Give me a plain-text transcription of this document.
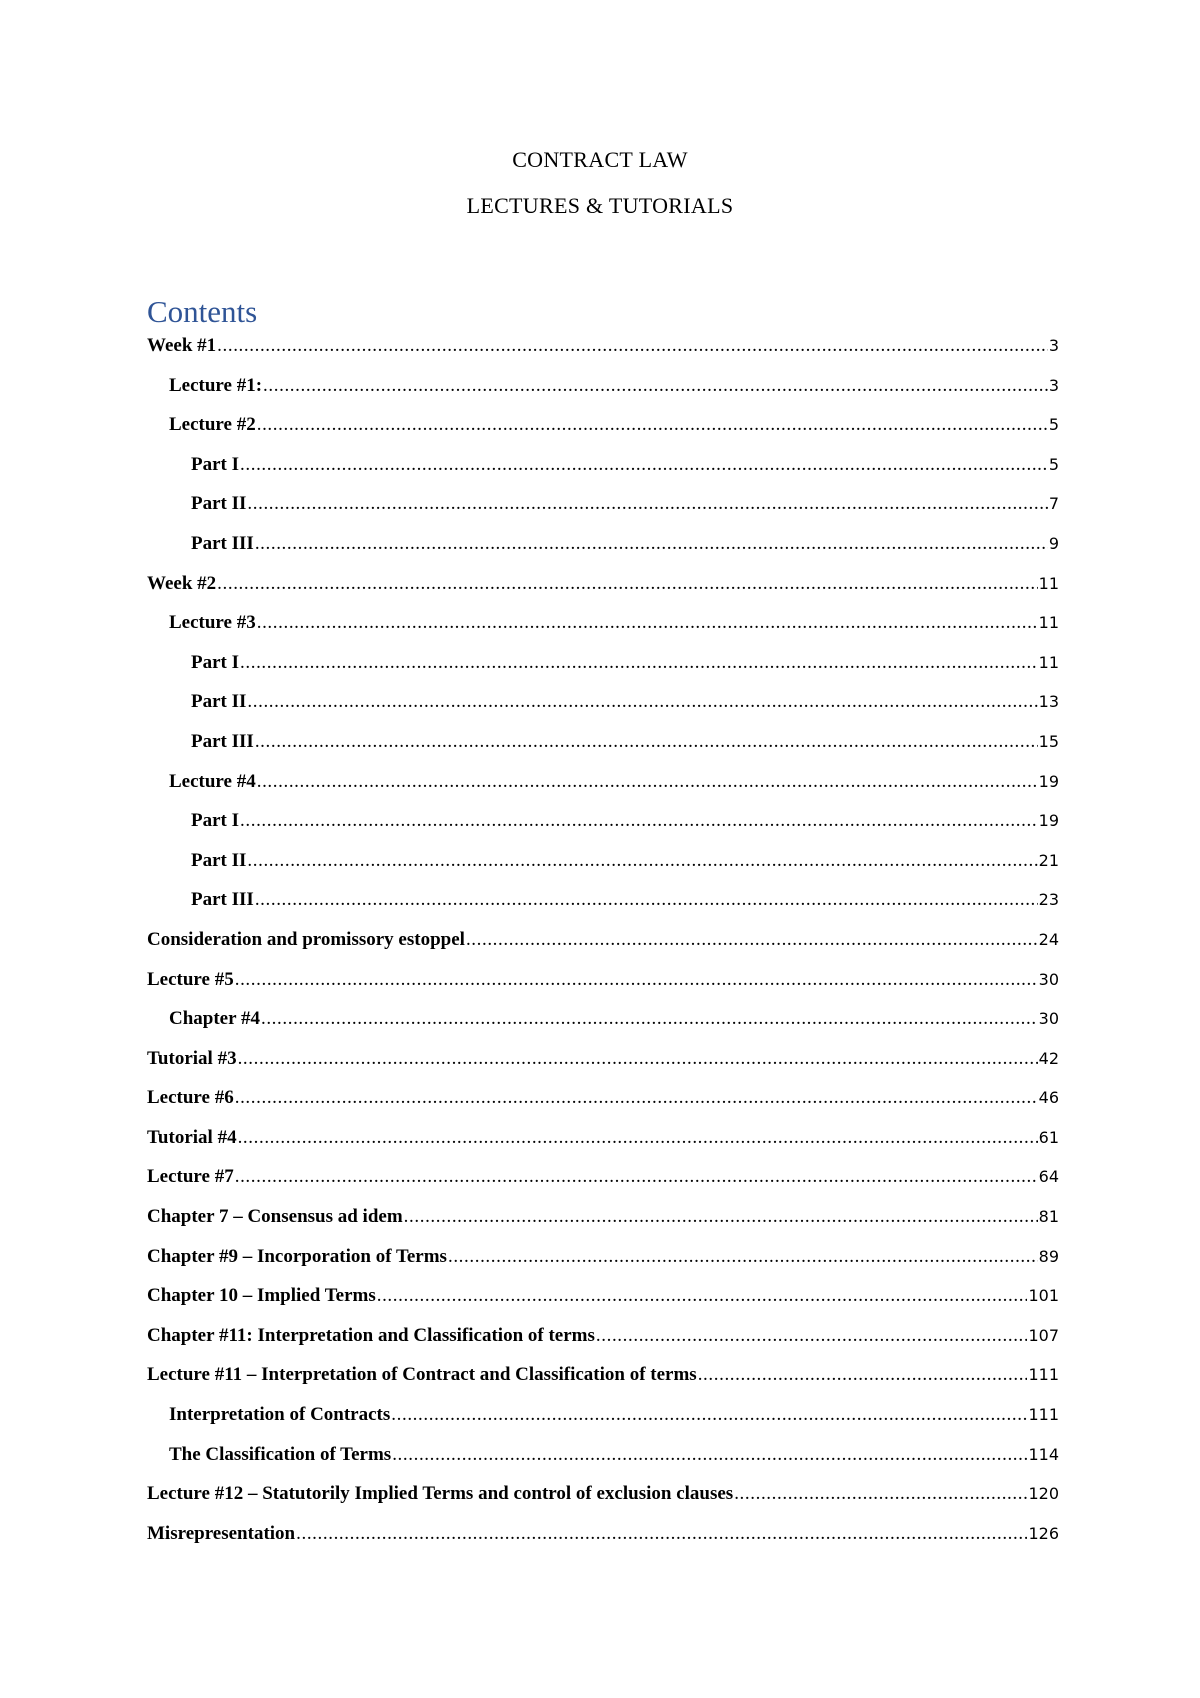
CONTRACT LAW
LECTURES & TUTORIALS
Contents
Week #1 .....	3
Lecture #1: .....	3
Lecture #2 .....	5
Part I .....	5
Part II .....	7
Part III .....	9
Week #2 .....	11
Lecture #3 .....	11
Part I .....	11
Part II .....	13
Part III .....	15
Lecture #4 .....	19
Part I .....	19
Part II .....	21
Part III .....	23
Consideration and promissory estoppel .....	24
Lecture #5 .....	30
Chapter #4 .....	30
Tutorial #3 .....	42
Lecture #6 .....	46
Tutorial #4 .....	61
Lecture #7 .....	64
Chapter 7 – Consensus ad idem .....	81
Chapter #9 – Incorporation of Terms .....	89
Chapter 10 – Implied Terms .....	101
Chapter #11: Interpretation and Classification of terms .....	107
Lecture #11 – Interpretation of Contract and Classification of terms .....	111
Interpretation of Contracts .....	111
The Classification of Terms .....	114
Lecture #12 – Statutorily Implied Terms and control of exclusion clauses .....	120
Misrepresentation .....	126
